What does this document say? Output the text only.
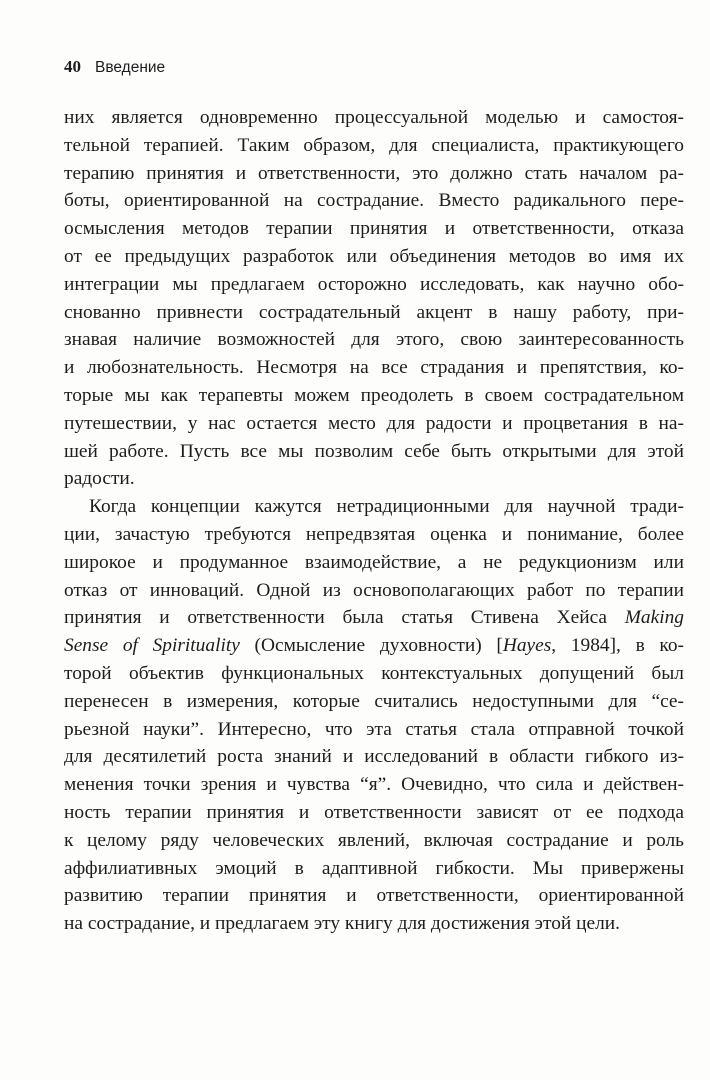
40 Введение

них является одновременно процессуальной моделью и самостоя-
тельной терапией. Таким образом, для специалиста, практикующего
терапию принятия и ответственности, это должно стать началом ра-
боты, ориентированной на сострадание. Вместо радикального пере-
осмысления методов терапии принятия и ответственности, отказа
от ее предыдущих разработок или объединения методов во имя их
интеграции мы предлагаем осторожно исследовать, как научно обо-
снованно привнести сострадательный акцент в нашу работу, при-
знавая наличие возможностей для этого, свою заинтересованность
и любознательность. Несмотря на все страдания и препятствия, ко-
торые мы как терапевты можем преодолеть в своем сострадательном
путешествии, у нас остается место для радости и процветания в на-
шей работе. Пусть все мы позволим себе быть открытыми для этой
радости.

Когда концепции кажутся нетрадиционными для научной тради-
ции, зачастую требуются непредвзятая оценка и понимание, более
широкое и продуманное взаимодействие, а не редукционизм или
отказ от инноваций. Одной из основополагающих работ по терапии
принятия и ответственности была статья Стивена Хейса Making
Sense of Spirituality (Осмысление духовности) [Hayes, 1984], в ко-
торой объектив функциональных контекстуальных допущений был
перенесен в измерения, которые считались недоступными для “се-
рьезной науки”. Интересно, что эта статья стала отправной точкой
для десятилетий роста знаний и исследований в области гибкого из-
менения точки зрения и чувства “я”. Очевидно, что сила и действен-
ность терапии принятия и ответственности зависят от ее подхода
к целому ряду человеческих явлений, включая сострадание и роль
аффилиативных эмоций в адаптивной гибкости. Мы привержены
развитию терапии принятия и ответственности, ориентированной
на сострадание, и предлагаем эту книгу для достижения этой цели.
